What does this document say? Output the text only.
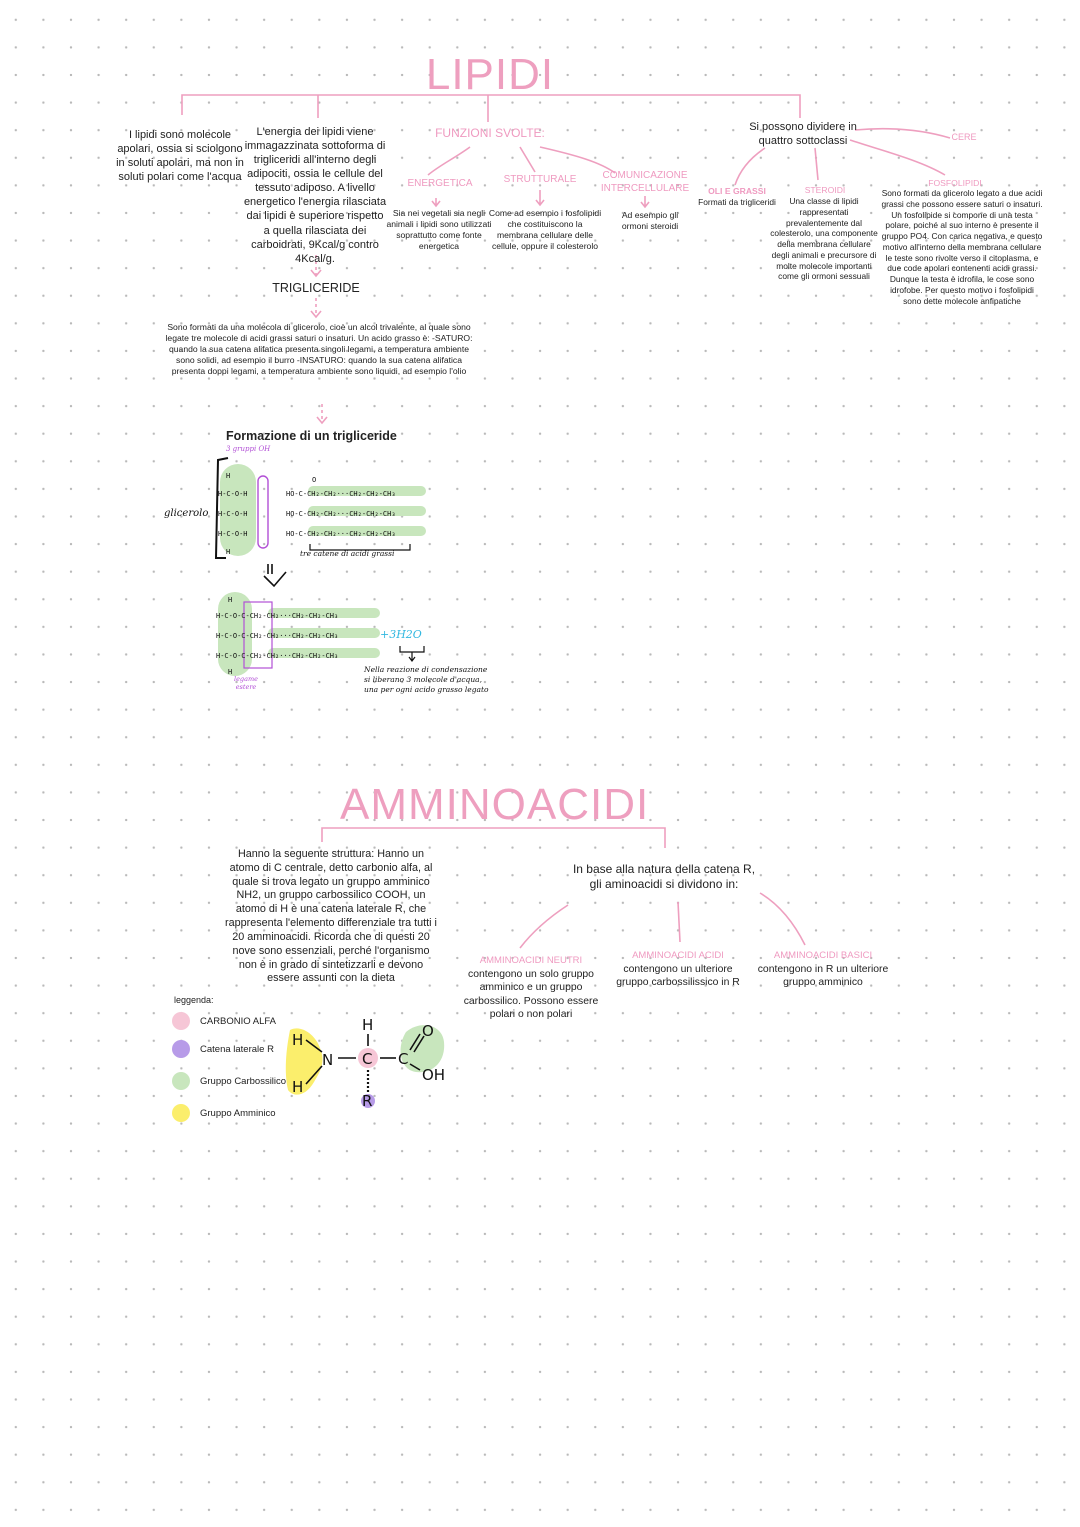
LIPIDI
AMMINOACIDI
I lipidi sono molecole apolari, ossia si sciolgono in soluti apolari, ma non in soluti polari come l'acqua
L'energia dei lipidi viene immagazzinata sottoforma di trigliceridi all'interno degli adipociti, ossia le cellule del tessuto adiposo. A livello energetico l'energia rilasciata dai lipidi è superiore rispetto a quella rilasciata dei carboidrati, 9Kcal/g contro 4Kcal/g.
TRIGLICERIDE
Sono formati da una molecola di glicerolo, cioè un alcol trivalente, al quale sono legate tre molecole di acidi grassi saturi o insaturi. Un acido grasso è: -SATURO: quando la sua catena alifatica presenta singoli legami, a temperatura ambiente sono solidi, ad esempio il burro -INSATURO: quando la sua catena alifatica presenta doppi legami, a temperatura ambiente sono liquidi, ad esempio l'olio
FUNZIONI SVOLTE:
ENERGETICA
Sia nei vegetali sia negli animali i lipidi sono utilizzati soprattutto come fonte energetica
STRUTTURALE
Come ad esempio i fosfolipidi che costituiscono la membrana cellulare delle cellule, oppure il colesterolo
COMUNICAZIONE INTERCELLULARE
Ad esempio gli ormoni steroidi
Si possono dividere in quattro sottoclassi
OLI E GRASSI
Formati da trigliceridi
STEROIDI
Una classe di lipidi rappresentati prevalentemente dal colesterolo, una componente della membrana cellulare degli animali e precursore di molte molecole importanti come gli ormoni sessuali
FOSFOLIPIDI
Sono formati da glicerolo legato a due acidi grassi che possono essere saturi o insaturi. Un fosfolipide si compone di una testa polare, poiché al suo interno è presente il gruppo PO4. Con carica negativa, e questo motivo all'interno della membrana cellulare le teste sono rivolte verso il citoplasma, e due code apolari contenenti acidi grassi. Dunque la testa è idrofila, le cose sono idrofobe. Per questo motivo i fosfolipidi sono dette molecole anfipatiche
CERE
Formazione di un trigliceride
3 gruppi OH
glicerolo
tre catene di acidi grassi
legame estere
+3H2O
Nella reazione di condensazione si liberano 3 molecole d'acqua, una per ogni acido grasso legato
H
H-C-O-H
H-C-O-H
H-C-O-H
H
HO-C-CH₂-CH₂···CH₂-CH₂-CH₃
HO-C-CH₂-CH₂···CH₂-CH₂-CH₃
HO-C-CH₂-CH₂···CH₂-CH₂-CH₃
O
H
H-C-O-C-CH₂-CH₂···CH₂-CH₂-CH₃
H-C-O-C-CH₂-CH₂···CH₂-CH₂-CH₃
H-C-O-C-CH₂-CH₂···CH₂-CH₂-CH₃
H
Hanno la seguente struttura: Hanno un atomo di C centrale, detto carbonio alfa, al quale si trova legato un gruppo amminico NH2, un gruppo carbossilico COOH, un atomo di H è una catena laterale R, che rappresenta l'elemento differenziale tra tutti i 20 amminoacidi. Ricorda che di questi 20 nove sono essenziali, perché l'organismo non è in grado di sintetizzarli e devono essere assunti con la dieta
In base alla natura della catena R, gli aminoacidi si dividono in:
AMMINOACIDI NEUTRI
contengono un solo gruppo amminico e un gruppo carbossilico. Possono essere polari o non polari
AMMINOACIDI ACIDI
contengono un ulteriore gruppo carbossilissico in R
AMMINOACIDI BASICI
contengono in R un ulteriore gruppo amminico
leggenda:
CARBONIO ALFA
Catena laterale R
Gruppo Carbossilico
Gruppo Amminico
H
N
H
H
C C
O
OH
R
